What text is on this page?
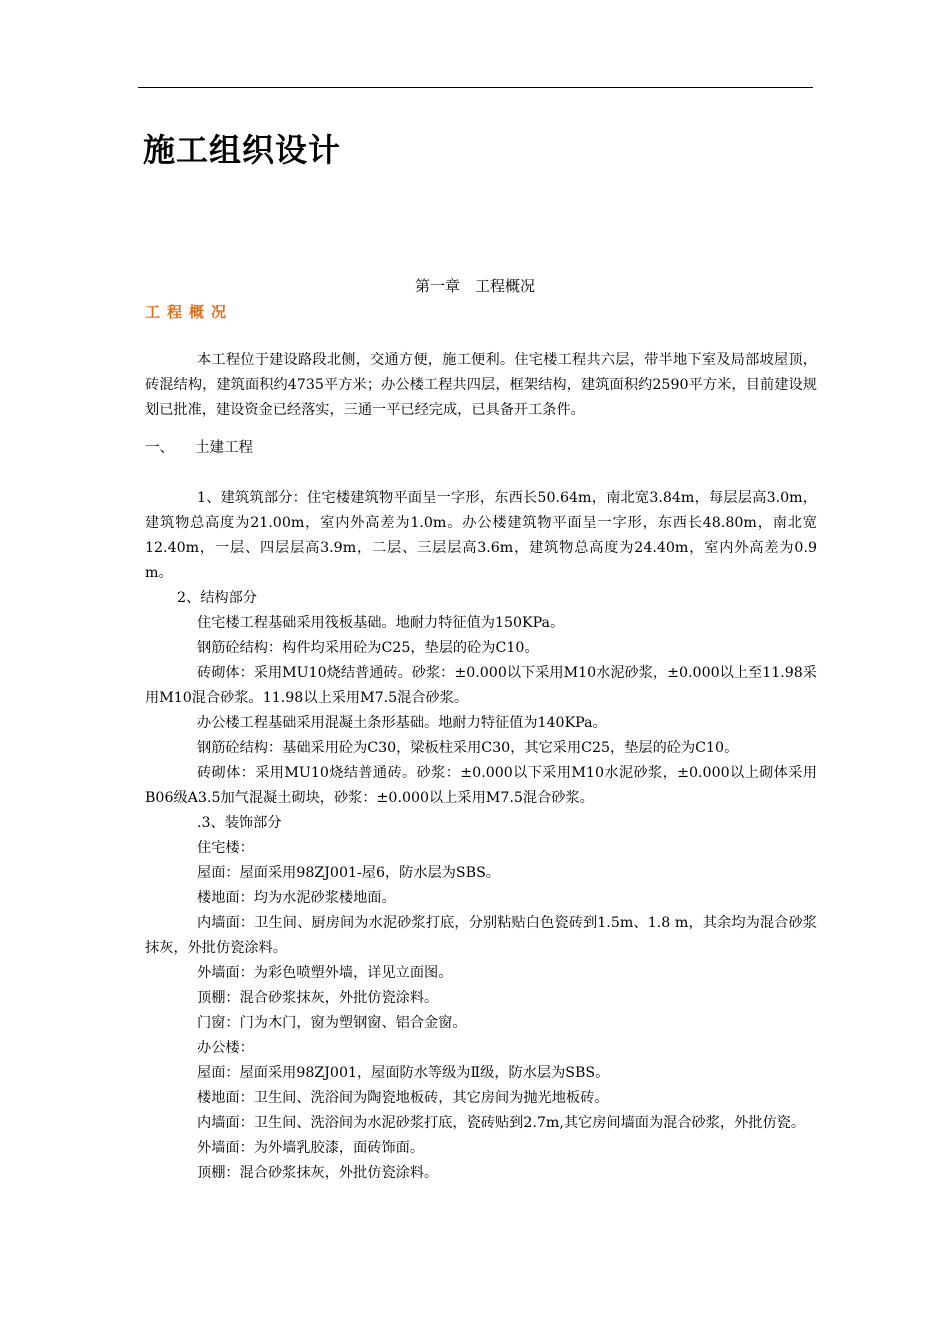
施工组织设计
第一章　工程概况
工程概况

本工程位于建设路段北侧，交通方便，施工便利。住宅楼工程共六层，带半地下室及局部坡屋顶，砖混结构，建筑面积约4735平方米；办公楼工程共四层，框架结构，建筑面积约2590平方米，目前建设规划已批准，建设资金已经落实，三通一平已经完成，已具备开工条件。

一、 土建工程

1、建筑筑部分：住宅楼建筑物平面呈一字形，东西长50.64m，南北宽3.84m，每层层高3.0m，建筑物总高度为21.00m，室内外高差为1.0m。办公楼建筑物平面呈一字形，东西长48.80m，南北宽12.40m，一层、四层层高3.9m，二层、三层层高3.6m，建筑物总高度为24.40m，室内外高差为0.9 m。

2、结构部分

住宅楼工程基础采用筏板基础。地耐力特征值为150KPa。

钢筋砼结构：构件均采用砼为C25，垫层的砼为C10。

砖砌体：采用MU10烧结普通砖。砂浆：±0.000以下采用M10水泥砂浆，±0.000以上至11.98采用M10混合砂浆。11.98以上采用M7.5混合砂浆。

办公楼工程基础采用混凝土条形基础。地耐力特征值为140KPa。

钢筋砼结构：基础采用砼为C30，梁板柱采用C30，其它采用C25，垫层的砼为C10。

砖砌体：采用MU10烧结普通砖。砂浆：±0.000以下采用M10水泥砂浆，±0.000以上砌体采用B06级A3.5加气混凝土砌块，砂浆：±0.000以上采用M7.5混合砂浆。

.3、装饰部分

住宅楼：

屋面：屋面采用98ZJ001-屋6，防水层为SBS。

楼地面：均为水泥砂浆楼地面。

内墙面：卫生间、厨房间为水泥砂浆打底，分别粘贴白色瓷砖到1.5m、1.8 m，其余均为混合砂浆抹灰，外批仿瓷涂料。

外墙面：为彩色喷塑外墙，详见立面图。

顶棚：混合砂浆抹灰，外批仿瓷涂料。

门窗：门为木门，窗为塑钢窗、铝合金窗。

办公楼：

屋面：屋面采用98ZJ001，屋面防水等级为Ⅱ级，防水层为SBS。

楼地面：卫生间、洗浴间为陶瓷地板砖，其它房间为抛光地板砖。

内墙面：卫生间、洗浴间为水泥砂浆打底，瓷砖贴到2.7m,其它房间墙面为混合砂浆，外批仿瓷。

外墙面：为外墙乳胶漆，面砖饰面。

顶棚：混合砂浆抹灰，外批仿瓷涂料。
